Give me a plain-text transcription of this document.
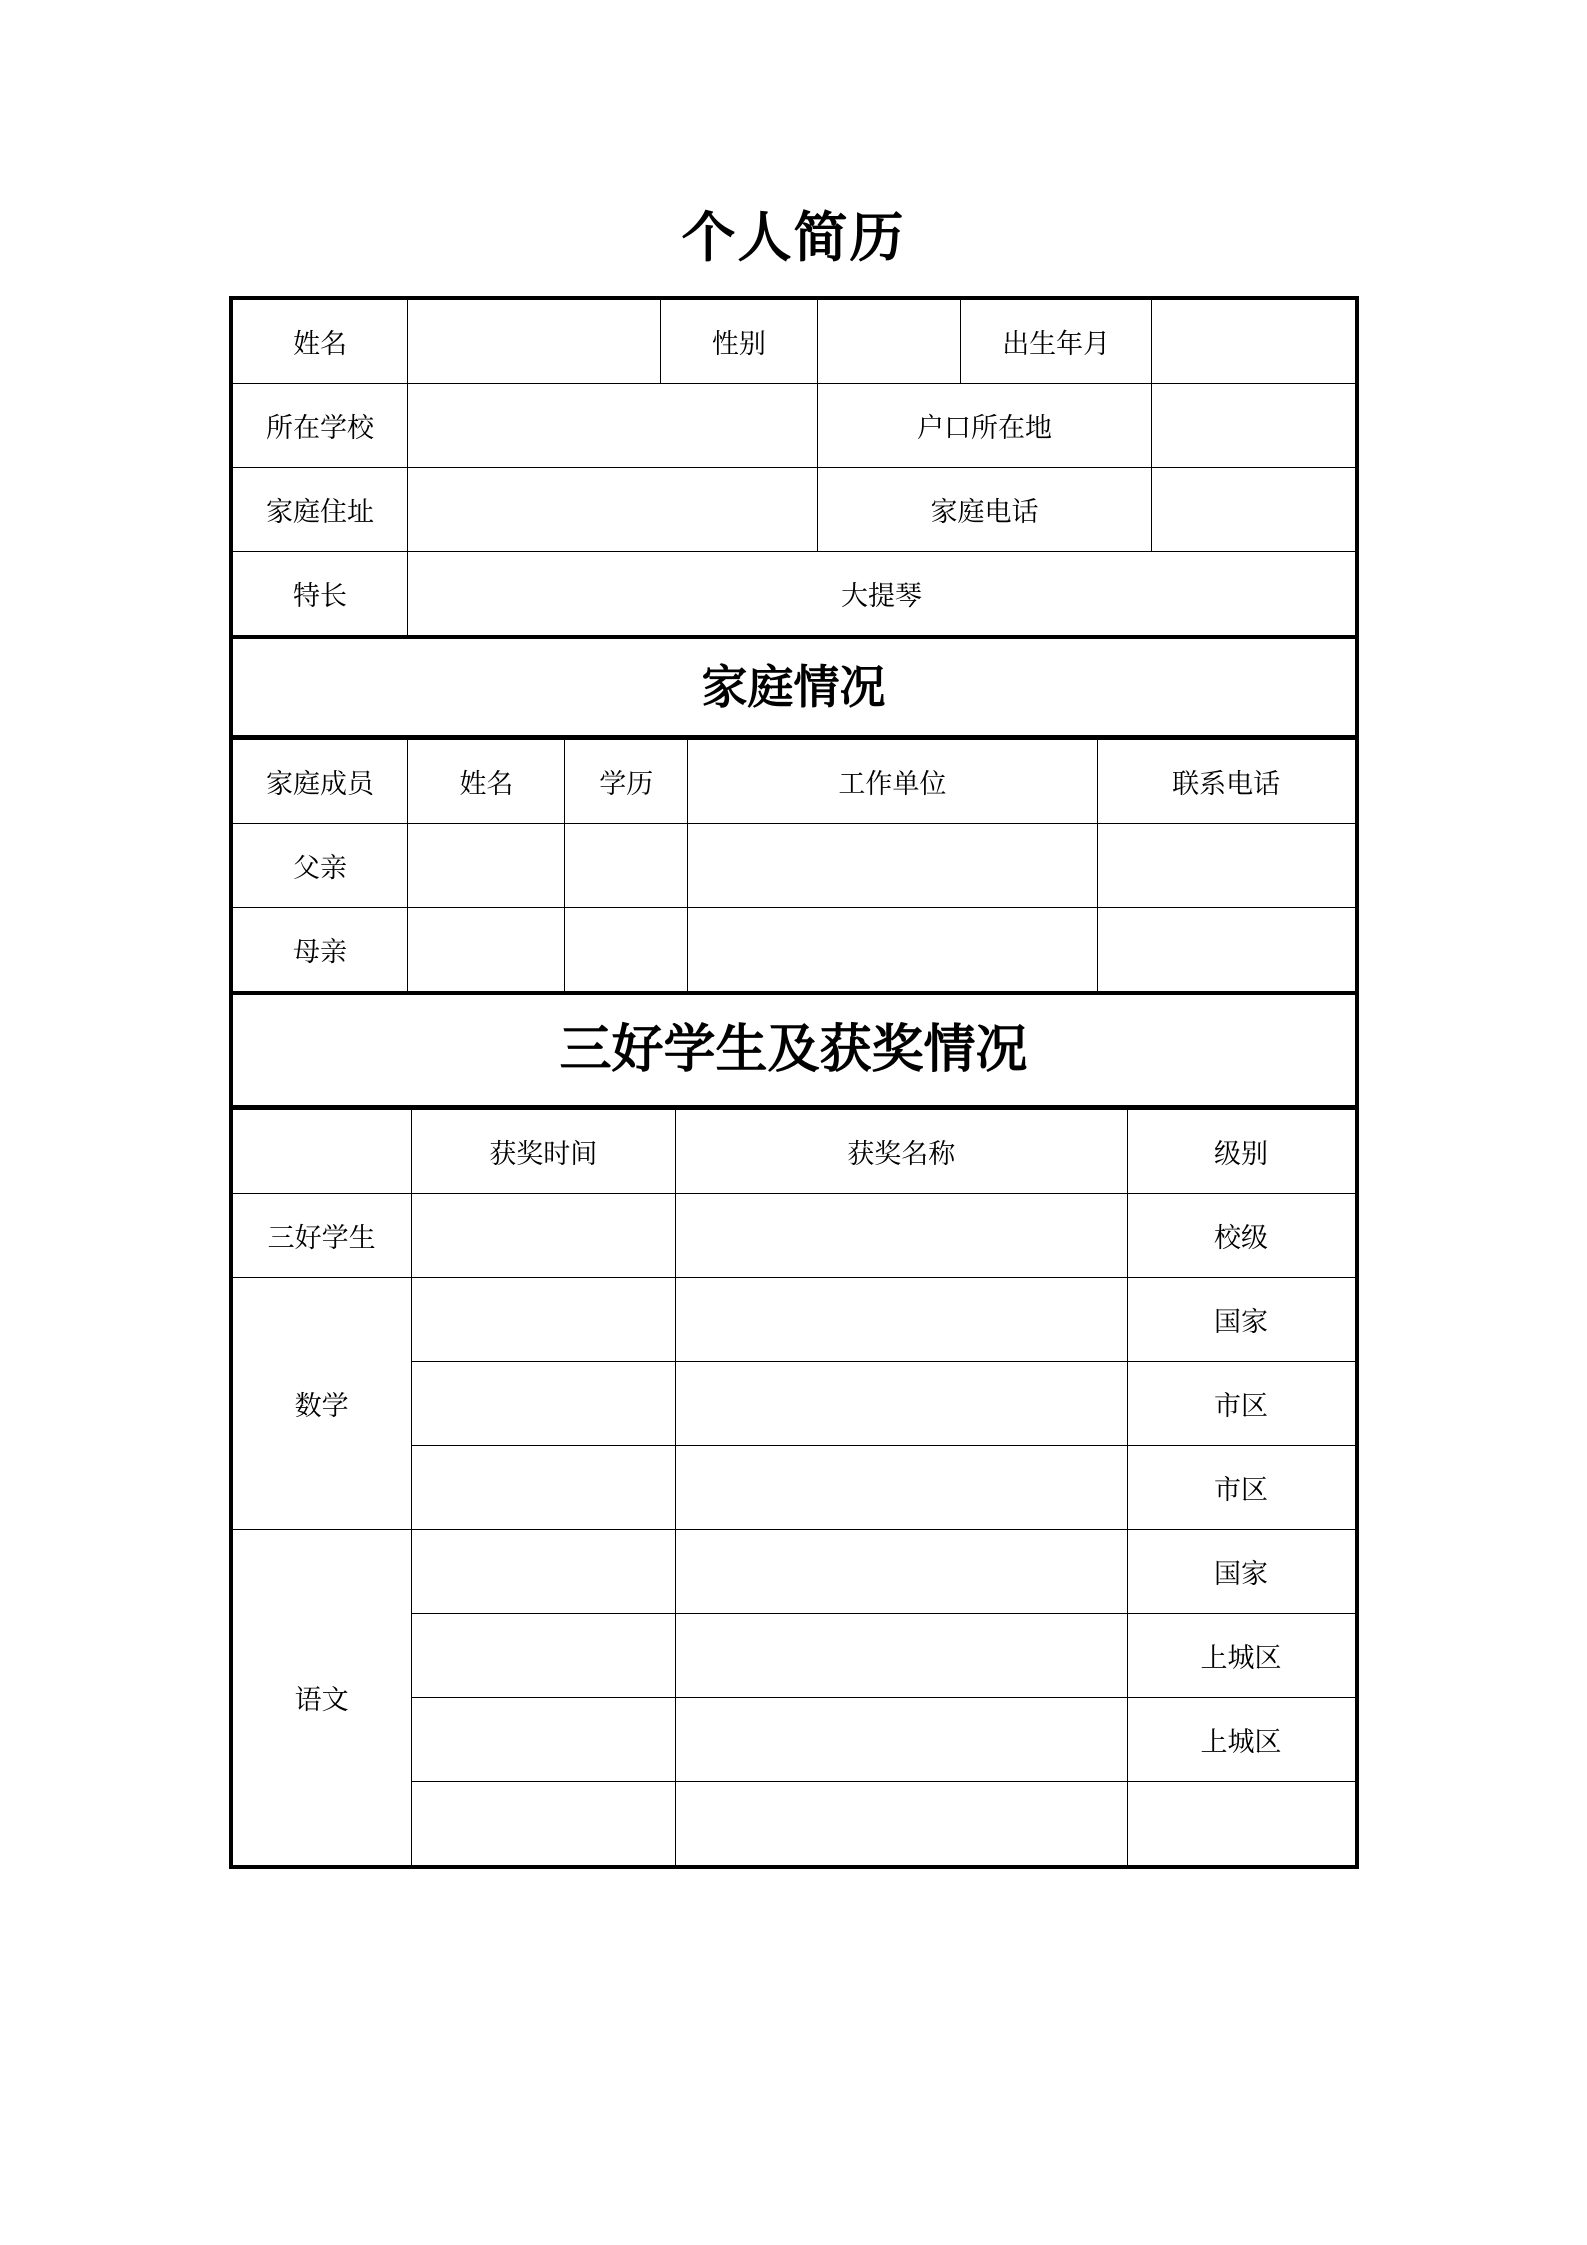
个人简历
姓名		性别		出生年月	
所在学校			户口所在地		
家庭住址			家庭电话		
特长	大提琴				
家庭情况
家庭成员	姓名	学历	工作单位	联系电话
父亲				
母亲				
三好学生及获奖情况
	获奖时间	获奖名称	级别
三好学生			校级
数学			国家
			市区
			市区
语文			国家
			上城区
			上城区
